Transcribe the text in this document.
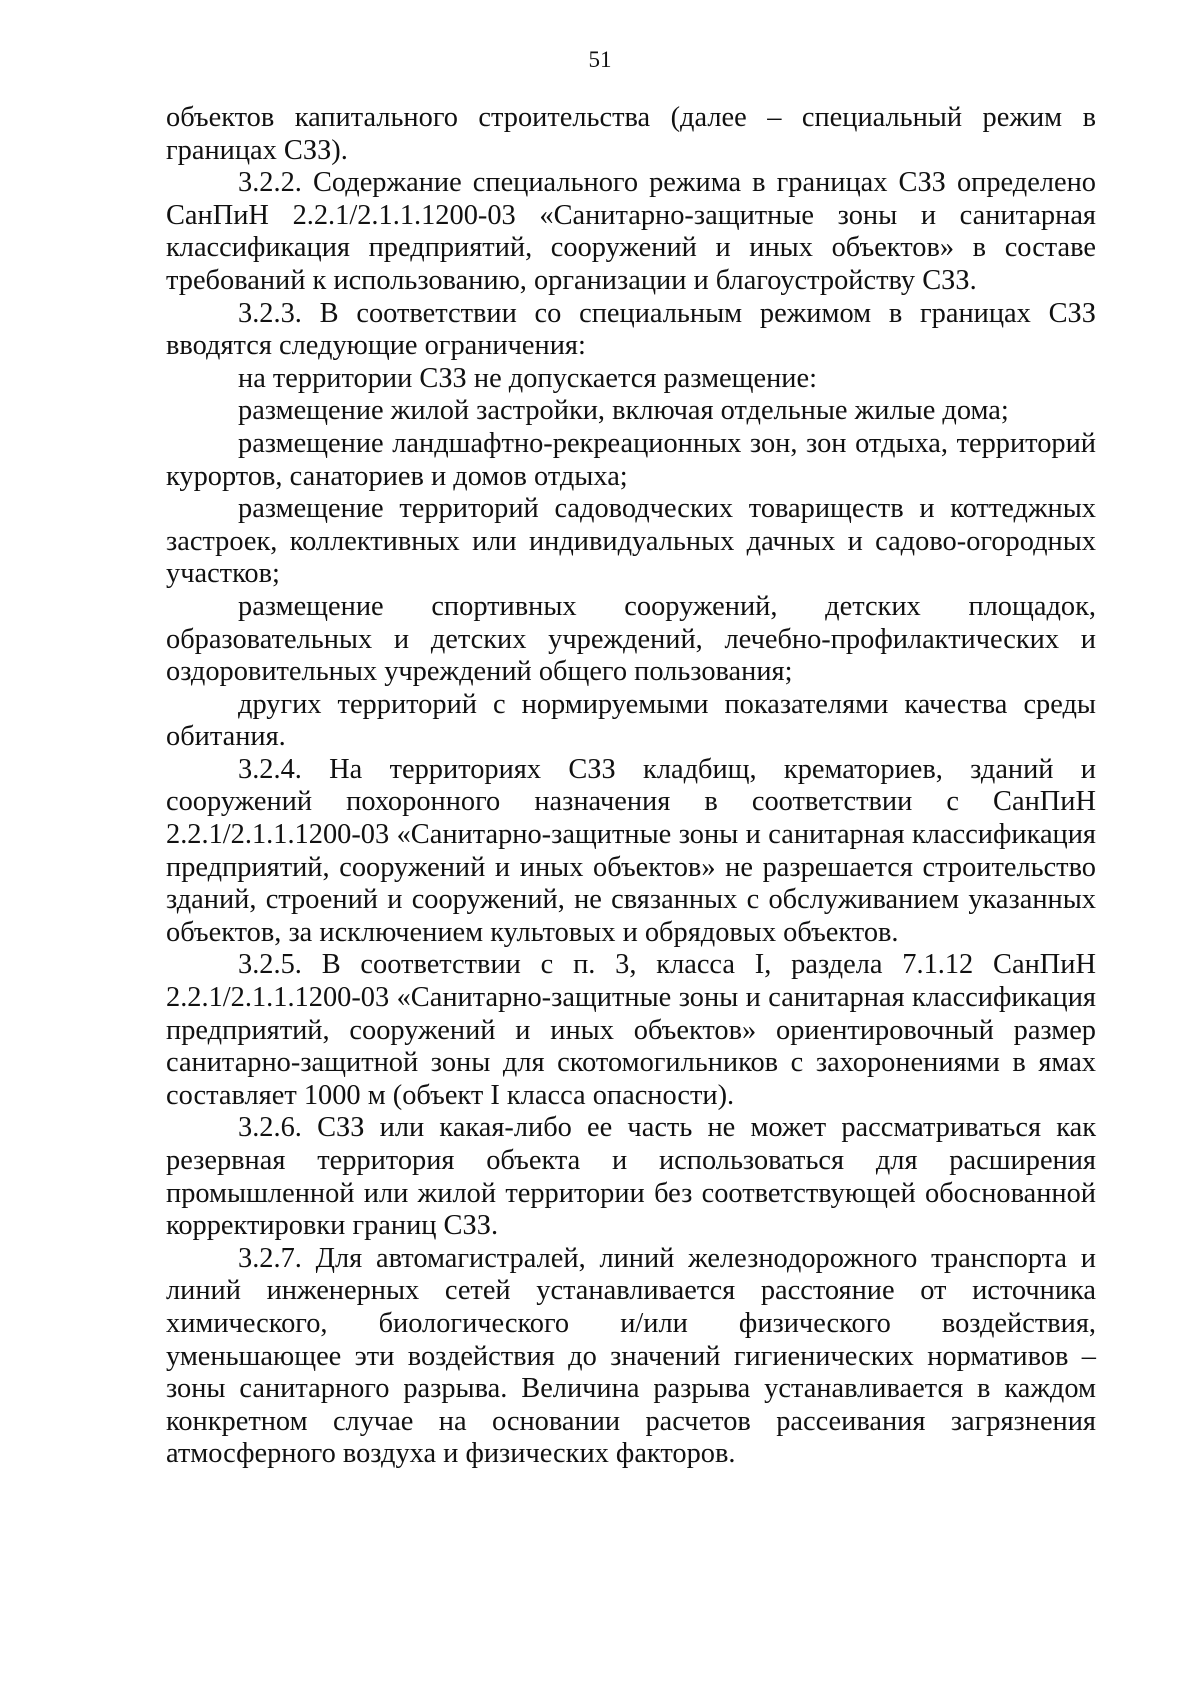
51

объектов капитального строительства (далее – специальный режим в границах СЗЗ).

3.2.2. Содержание специального режима в границах СЗЗ определено СанПиН 2.2.1/2.1.1.1200-03 «Санитарно-защитные зоны и санитарная классификация предприятий, сооружений и иных объектов» в составе требований к использованию, организации и благоустройству СЗЗ.

3.2.3. В соответствии со специальным режимом в границах СЗЗ вводятся следующие ограничения:

на территории СЗЗ не допускается размещение:

размещение жилой застройки, включая отдельные жилые дома;

размещение ландшафтно-рекреационных зон, зон отдыха, территорий курортов, санаториев и домов отдыха;

размещение территорий садоводческих товариществ и коттеджных застроек, коллективных или индивидуальных дачных и садово-огородных участков;

размещение спортивных сооружений, детских площадок, образовательных и детских учреждений, лечебно-профилактических и оздоровительных учреждений общего пользования;

других территорий с нормируемыми показателями качества среды обитания.

3.2.4. На территориях СЗЗ кладбищ, крематориев, зданий и сооружений похоронного назначения в соответствии с СанПиН 2.2.1/2.1.1.1200-03 «Санитарно-защитные зоны и санитарная классификация предприятий, сооружений и иных объектов» не разрешается строительство зданий, строений и сооружений, не связанных с обслуживанием указанных объектов, за исключением культовых и обрядовых объектов.

3.2.5. В соответствии с п. 3, класса I, раздела 7.1.12 СанПиН 2.2.1/2.1.1.1200-03 «Санитарно-защитные зоны и санитарная классификация предприятий, сооружений и иных объектов» ориентировочный размер санитарно-защитной зоны для скотомогильников с захоронениями в ямах составляет 1000 м (объект I класса опасности).

3.2.6. СЗЗ или какая-либо ее часть не может рассматриваться как резервная территория объекта и использоваться для расширения промышленной или жилой территории без соответствующей обоснованной корректировки границ СЗЗ.

3.2.7. Для автомагистралей, линий железнодорожного транспорта и линий инженерных сетей устанавливается расстояние от источника химического, биологического и/или физического воздействия, уменьшающее эти воздействия до значений гигиенических нормативов – зоны санитарного разрыва. Величина разрыва устанавливается в каждом конкретном случае на основании расчетов рассеивания загрязнения атмосферного воздуха и физических факторов.
